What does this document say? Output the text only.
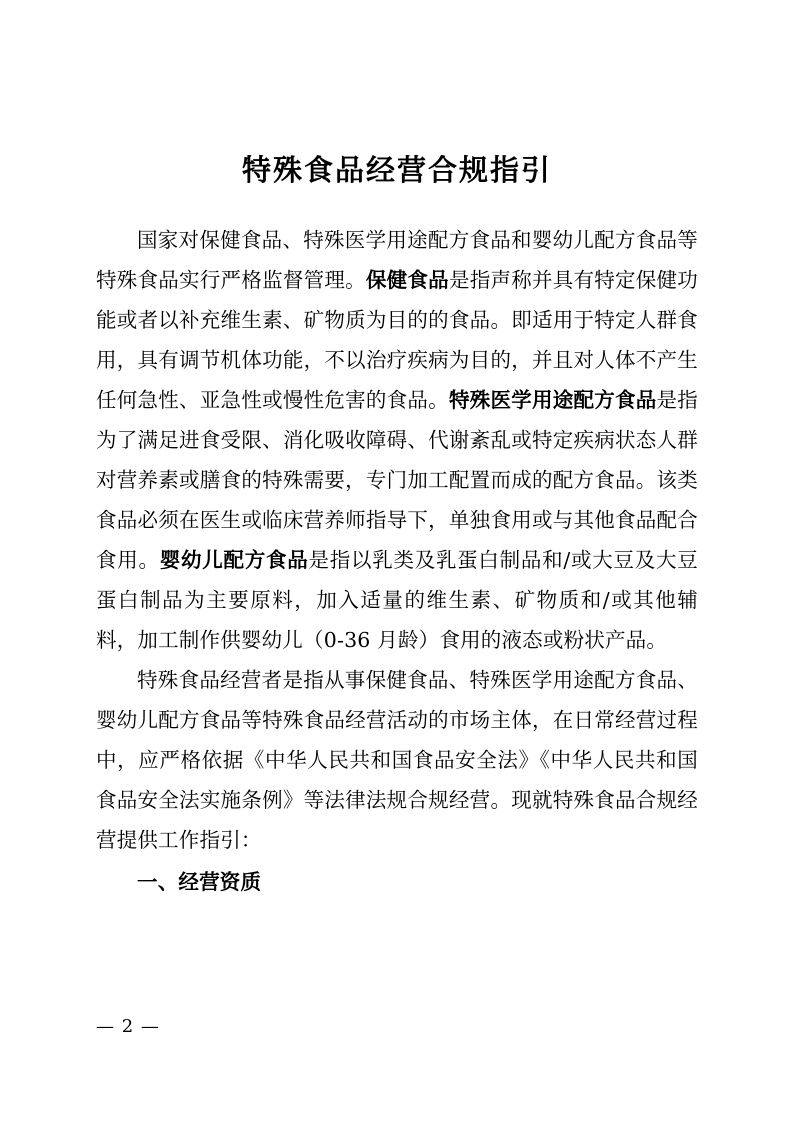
特殊食品经营合规指引

国家对保健食品、特殊医学用途配方食品和婴幼儿配方食品等特殊食品实行严格监督管理。保健食品是指声称并具有特定保健功能或者以补充维生素、矿物质为目的的食品。即适用于特定人群食用，具有调节机体功能，不以治疗疾病为目的，并且对人体不产生任何急性、亚急性或慢性危害的食品。特殊医学用途配方食品是指为了满足进食受限、消化吸收障碍、代谢紊乱或特定疾病状态人群对营养素或膳食的特殊需要，专门加工配置而成的配方食品。该类食品必须在医生或临床营养师指导下，单独食用或与其他食品配合食用。婴幼儿配方食品是指以乳类及乳蛋白制品和/或大豆及大豆蛋白制品为主要原料，加入适量的维生素、矿物质和/或其他辅料，加工制作供婴幼儿（0-36 月龄）食用的液态或粉状产品。

特殊食品经营者是指从事保健食品、特殊医学用途配方食品、婴幼儿配方食品等特殊食品经营活动的市场主体，在日常经营过程中，应严格依据《中华人民共和国食品安全法》《中华人民共和国食品安全法实施条例》等法律法规合规经营。现就特殊食品合规经营提供工作指引：

一、经营资质

— 2 —
